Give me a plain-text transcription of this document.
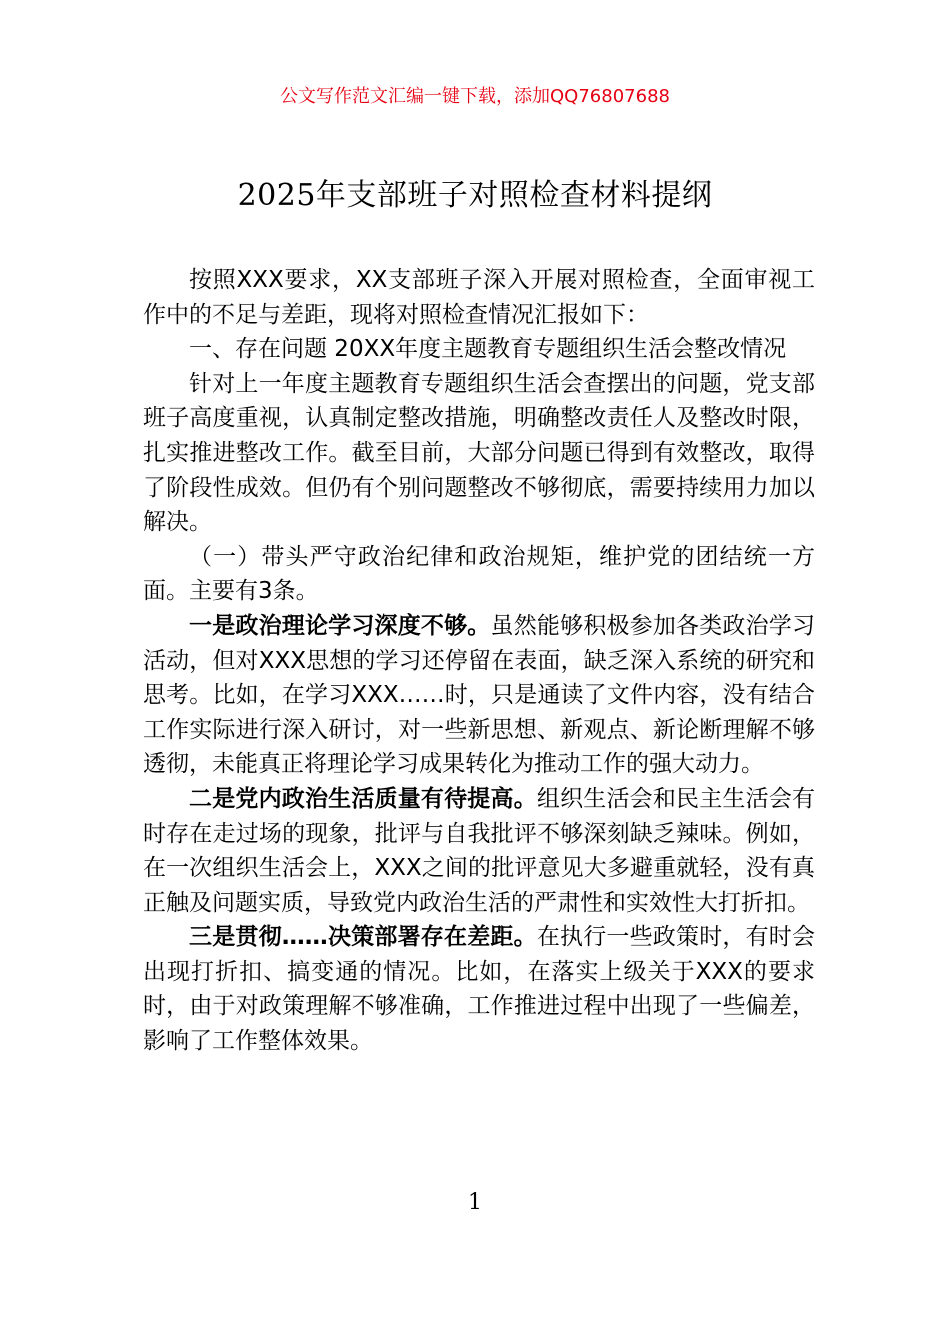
公文写作范文汇编一键下载，添加QQ76807688
2025年支部班子对照检查材料提纲

按照XXX要求，XX支部班子深入开展对照检查，全面审视工作中的不足与差距，现将对照检查情况汇报如下：

一、存在问题 20XX年度主题教育专题组织生活会整改情况

针对上一年度主题教育专题组织生活会查摆出的问题，党支部班子高度重视，认真制定整改措施，明确整改责任人及整改时限，扎实推进整改工作。截至目前，大部分问题已得到有效整改，取得了阶段性成效。但仍有个别问题整改不够彻底，需要持续用力加以解决。

（一）带头严守政治纪律和政治规矩，维护党的团结统一方面。主要有3条。

一是政治理论学习深度不够。虽然能够积极参加各类政治学习活动，但对XXX思想的学习还停留在表面，缺乏深入系统的研究和思考。比如，在学习XXX……时，只是通读了文件内容，没有结合工作实际进行深入研讨，对一些新思想、新观点、新论断理解不够透彻，未能真正将理论学习成果转化为推动工作的强大动力。

二是党内政治生活质量有待提高。组织生活会和民主生活会有时存在走过场的现象，批评与自我批评不够深刻缺乏辣味。例如，在一次组织生活会上，XXX之间的批评意见大多避重就轻，没有真正触及问题实质，导致党内政治生活的严肃性和实效性大打折扣。

三是贯彻……决策部署存在差距。在执行一些政策时，有时会出现打折扣、搞变通的情况。比如，在落实上级关于XXX的要求时，由于对政策理解不够准确，工作推进过程中出现了一些偏差，影响了工作整体效果。

1
